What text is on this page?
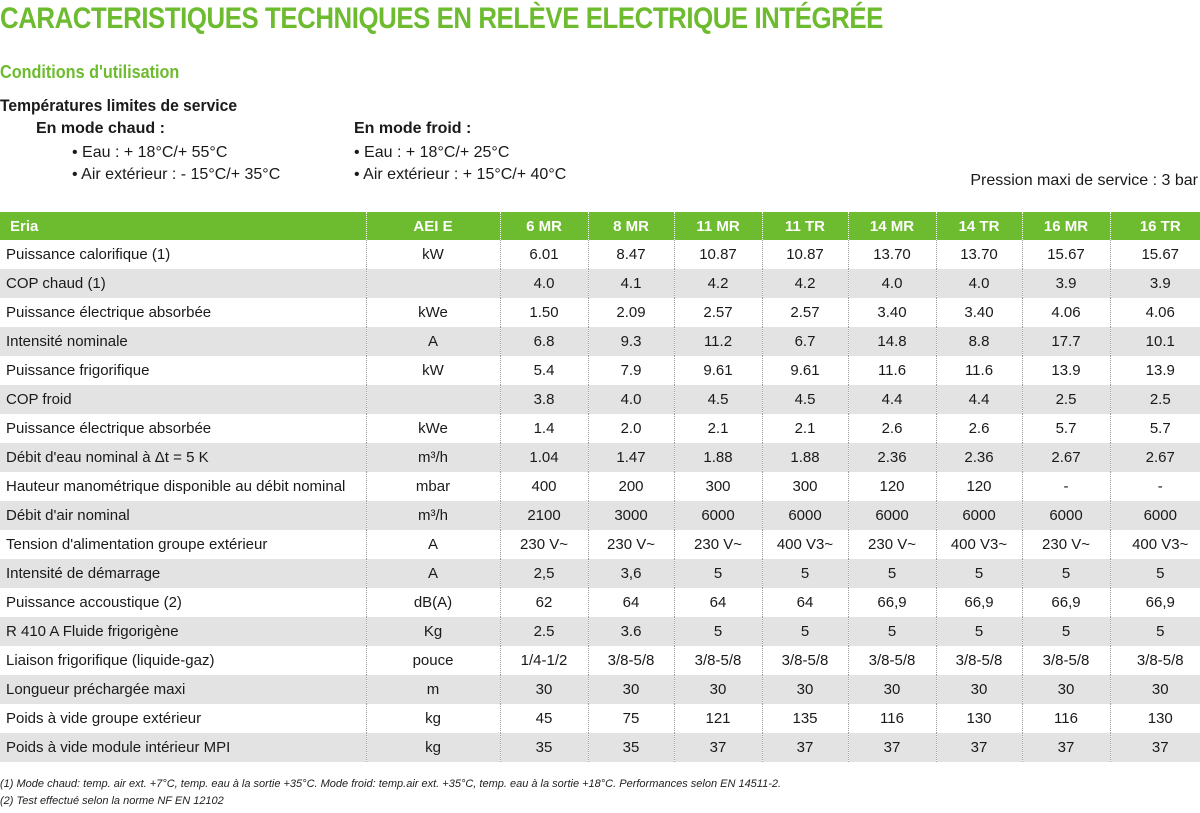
CARACTERISTIQUES TECHNIQUES EN RELÈVE ELECTRIQUE INTÉGRÉE
Conditions d'utilisation
Températures limites de service
En mode chaud :
• Eau : + 18°C/+ 55°C
• Air extérieur : - 15°C/+ 35°C
En mode froid :
• Eau : + 18°C/+ 25°C
• Air extérieur : + 15°C/+ 40°C	Pression maxi de service : 3 bar
Eria	AEI E	6 MR	8 MR	11 MR	11 TR	14 MR	14 TR	16 MR	16 TR
Puissance calorifique (1)	kW	6.01	8.47	10.87	10.87	13.70	13.70	15.67	15.67
COP chaud (1)		4.0	4.1	4.2	4.2	4.0	4.0	3.9	3.9
Puissance électrique absorbée	kWe	1.50	2.09	2.57	2.57	3.40	3.40	4.06	4.06
Intensité nominale	A	6.8	9.3	11.2	6.7	14.8	8.8	17.7	10.1
Puissance frigorifique	kW	5.4	7.9	9.61	9.61	11.6	11.6	13.9	13.9
COP froid		3.8	4.0	4.5	4.5	4.4	4.4	2.5	2.5
Puissance électrique absorbée	kWe	1.4	2.0	2.1	2.1	2.6	2.6	5.7	5.7
Débit d'eau nominal à Δt = 5 K	m³/h	1.04	1.47	1.88	1.88	2.36	2.36	2.67	2.67
Hauteur manométrique disponible au débit nominal	mbar	400	200	300	300	120	120	-	-
Débit d'air nominal	m³/h	2100	3000	6000	6000	6000	6000	6000	6000
Tension d'alimentation groupe extérieur	A	230 V~	230 V~	230 V~	400 V3~	230 V~	400 V3~	230 V~	400 V3~
Intensité de démarrage	A	2,5	3,6	5	5	5	5	5	5
Puissance accoustique (2)	dB(A)	62	64	64	64	66,9	66,9	66,9	66,9
R 410 A Fluide frigorigène	Kg	2.5	3.6	5	5	5	5	5	5
Liaison frigorifique (liquide-gaz)	pouce	1/4-1/2	3/8-5/8	3/8-5/8	3/8-5/8	3/8-5/8	3/8-5/8	3/8-5/8	3/8-5/8
Longueur préchargée maxi	m	30	30	30	30	30	30	30	30
Poids à vide groupe extérieur	kg	45	75	121	135	116	130	116	130
Poids à vide module intérieur MPI	kg	35	35	37	37	37	37	37	37
(1) Mode chaud: temp. air ext. +7°C, temp. eau à la sortie +35°C. Mode froid: temp.air ext. +35°C, temp. eau à la sortie +18°C. Performances selon EN 14511-2.
(2) Test effectué selon la norme NF EN 12102
